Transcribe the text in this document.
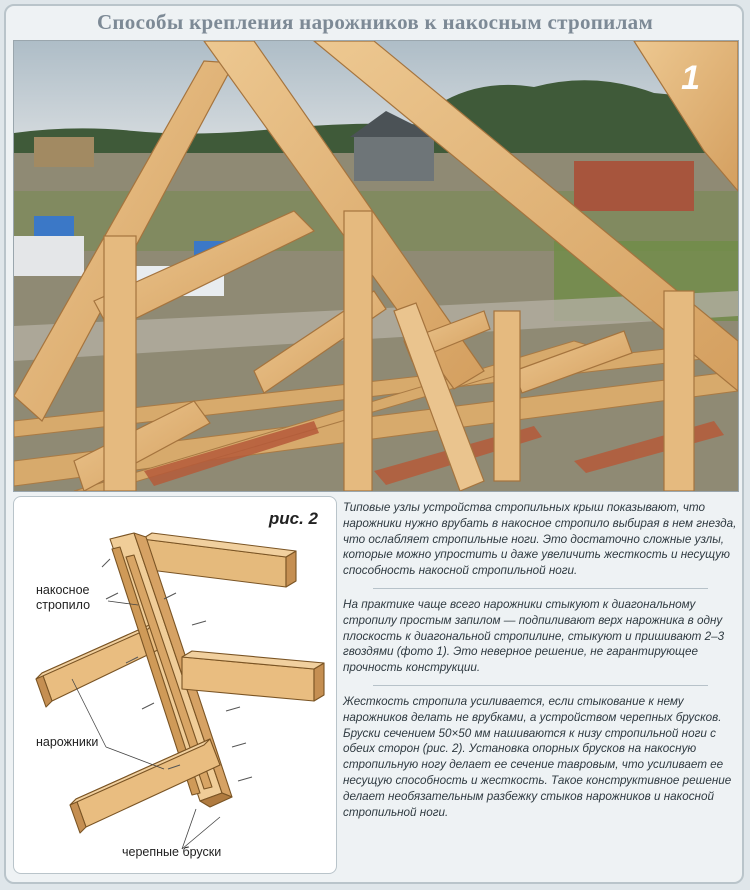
Способы крепления нарожников к накосным стропилам
1
рис. 2
накосное
стропило
нарожники
черепные бруски

Типовые узлы устройства стропильных крыш показывают, что нарожники нужно врубать в накосное стропило выбирая в нем гнезда, что ослабляет стропильные ноги. Это достаточно сложные узлы, которые можно упростить и даже увеличить жесткость и несущую способность накосной стропильной ноги.

На практике чаще всего нарожники стыкуют к диагональному стропилу простым запилом — подпиливают верх нарожника в одну плоскость к диагональной стропилине, стыкуют и пришивают 2–3 гвоздями (фото 1). Это неверное решение, не гарантирующее прочность конструкции.

Жесткость стропила усиливается, если стыкование к нему нарожников делать не врубками, а устройством черепных брусков. Бруски сечением 50×50 мм нашиваются к низу стропильной ноги с обеих сторон (рис. 2). Установка опорных брусков на накосную стропильную ногу делает ее сечение тавровым, что усиливает ее несущую способность и жесткость. Такое конструктивное решение делает необязательным разбежку стыков нарожников и накосной стропильной ноги.
